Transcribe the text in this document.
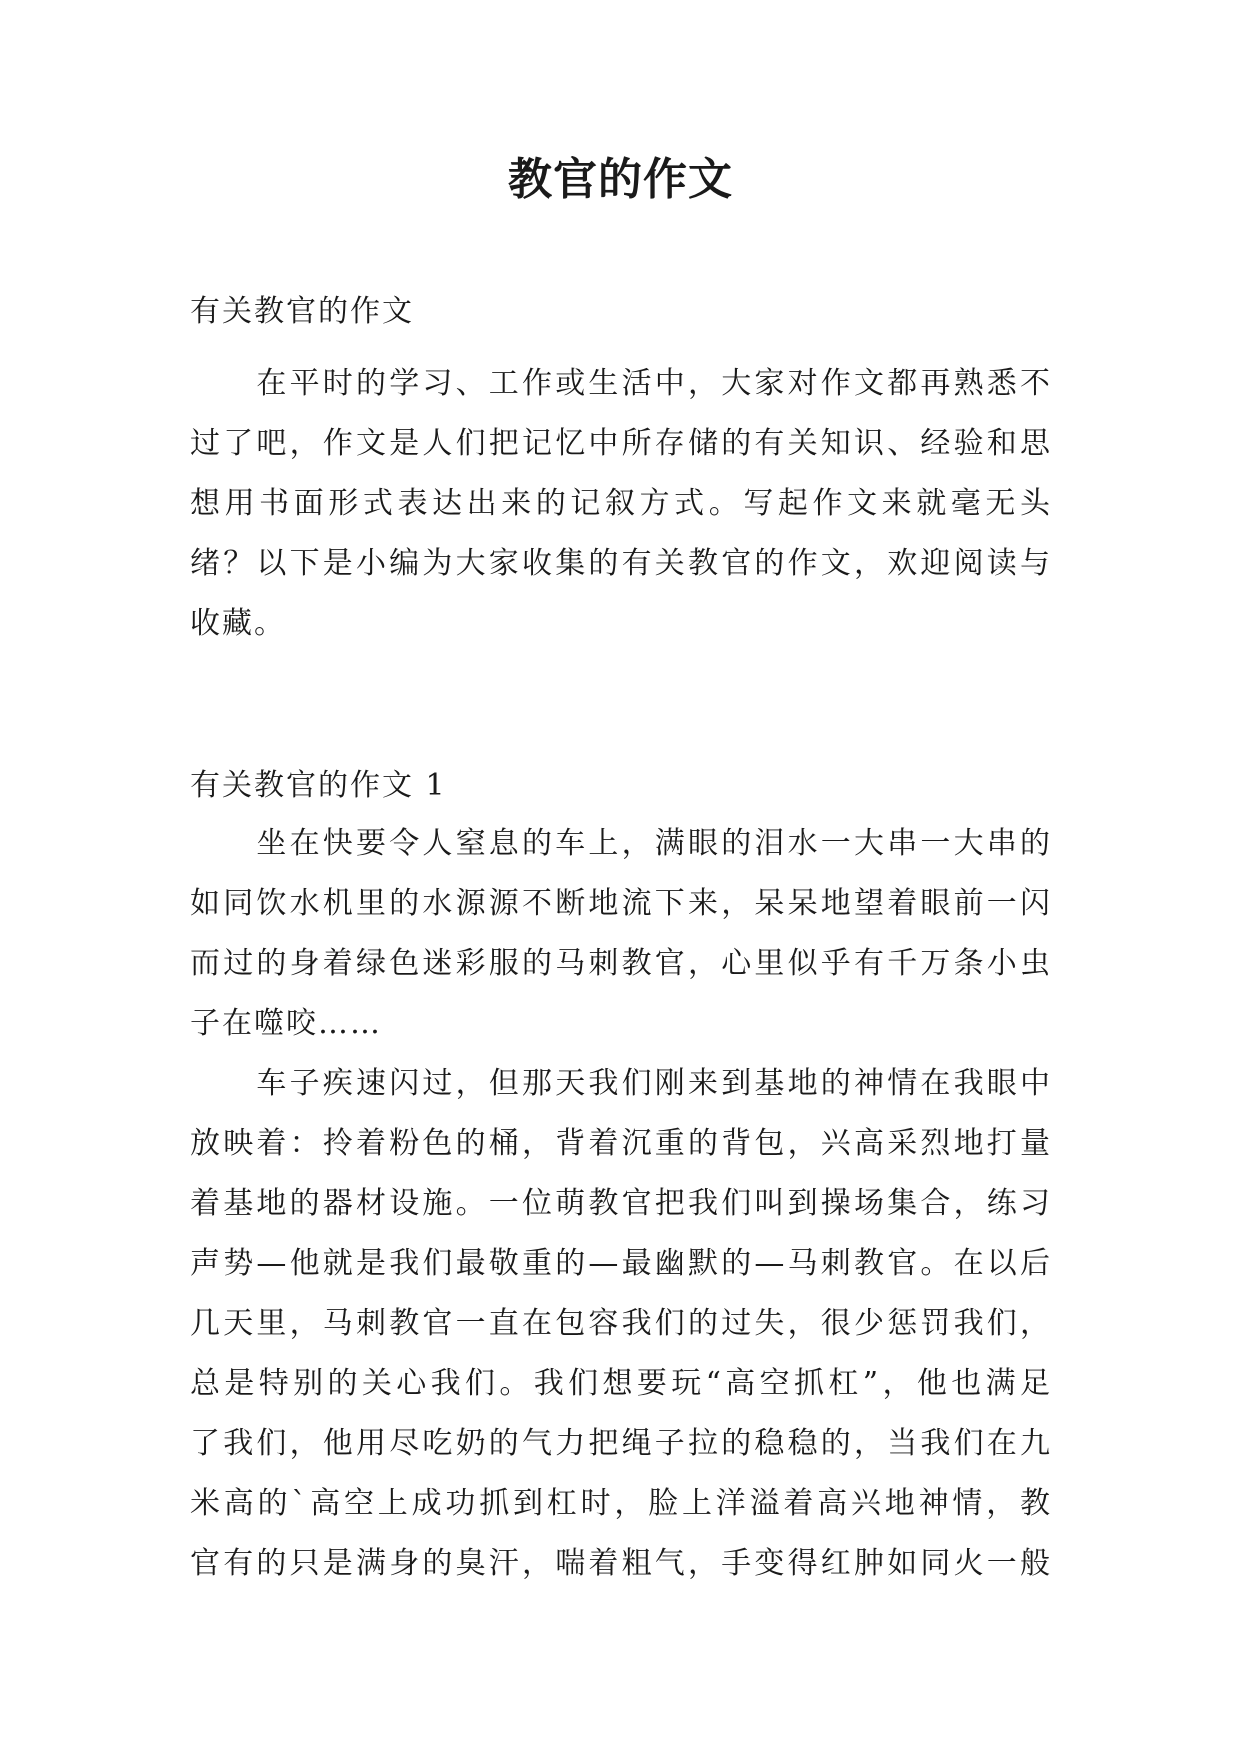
教官的作文
有关教官的作文
　　在平时的学习、工作或生活中，大家对作文都再熟悉不
过了吧，作文是人们把记忆中所存储的有关知识、经验和思
想用书面形式表达出来的记叙方式。写起作文来就毫无头
绪？以下是小编为大家收集的有关教官的作文，欢迎阅读与
收藏。
有关教官的作文 1
　　坐在快要令人窒息的车上，满眼的泪水一大串一大串的
如同饮水机里的水源源不断地流下来，呆呆地望着眼前一闪
而过的身着绿色迷彩服的马刺教官，心里似乎有千万条小虫
子在噬咬……
　　车子疾速闪过，但那天我们刚来到基地的神情在我眼中
放映着：拎着粉色的桶，背着沉重的背包，兴高采烈地打量
着基地的器材设施。一位萌教官把我们叫到操场集合，练习
声势—他就是我们最敬重的—最幽默的—马刺教官。在以后
几天里，马刺教官一直在包容我们的过失，很少惩罚我们，
总是特别的关心我们。我们想要玩“高空抓杠”，他也满足
了我们，他用尽吃奶的气力把绳子拉的稳稳的，当我们在九
米高的`高空上成功抓到杠时，脸上洋溢着高兴地神情，教
官有的只是满身的臭汗，喘着粗气，手变得红肿如同火一般
